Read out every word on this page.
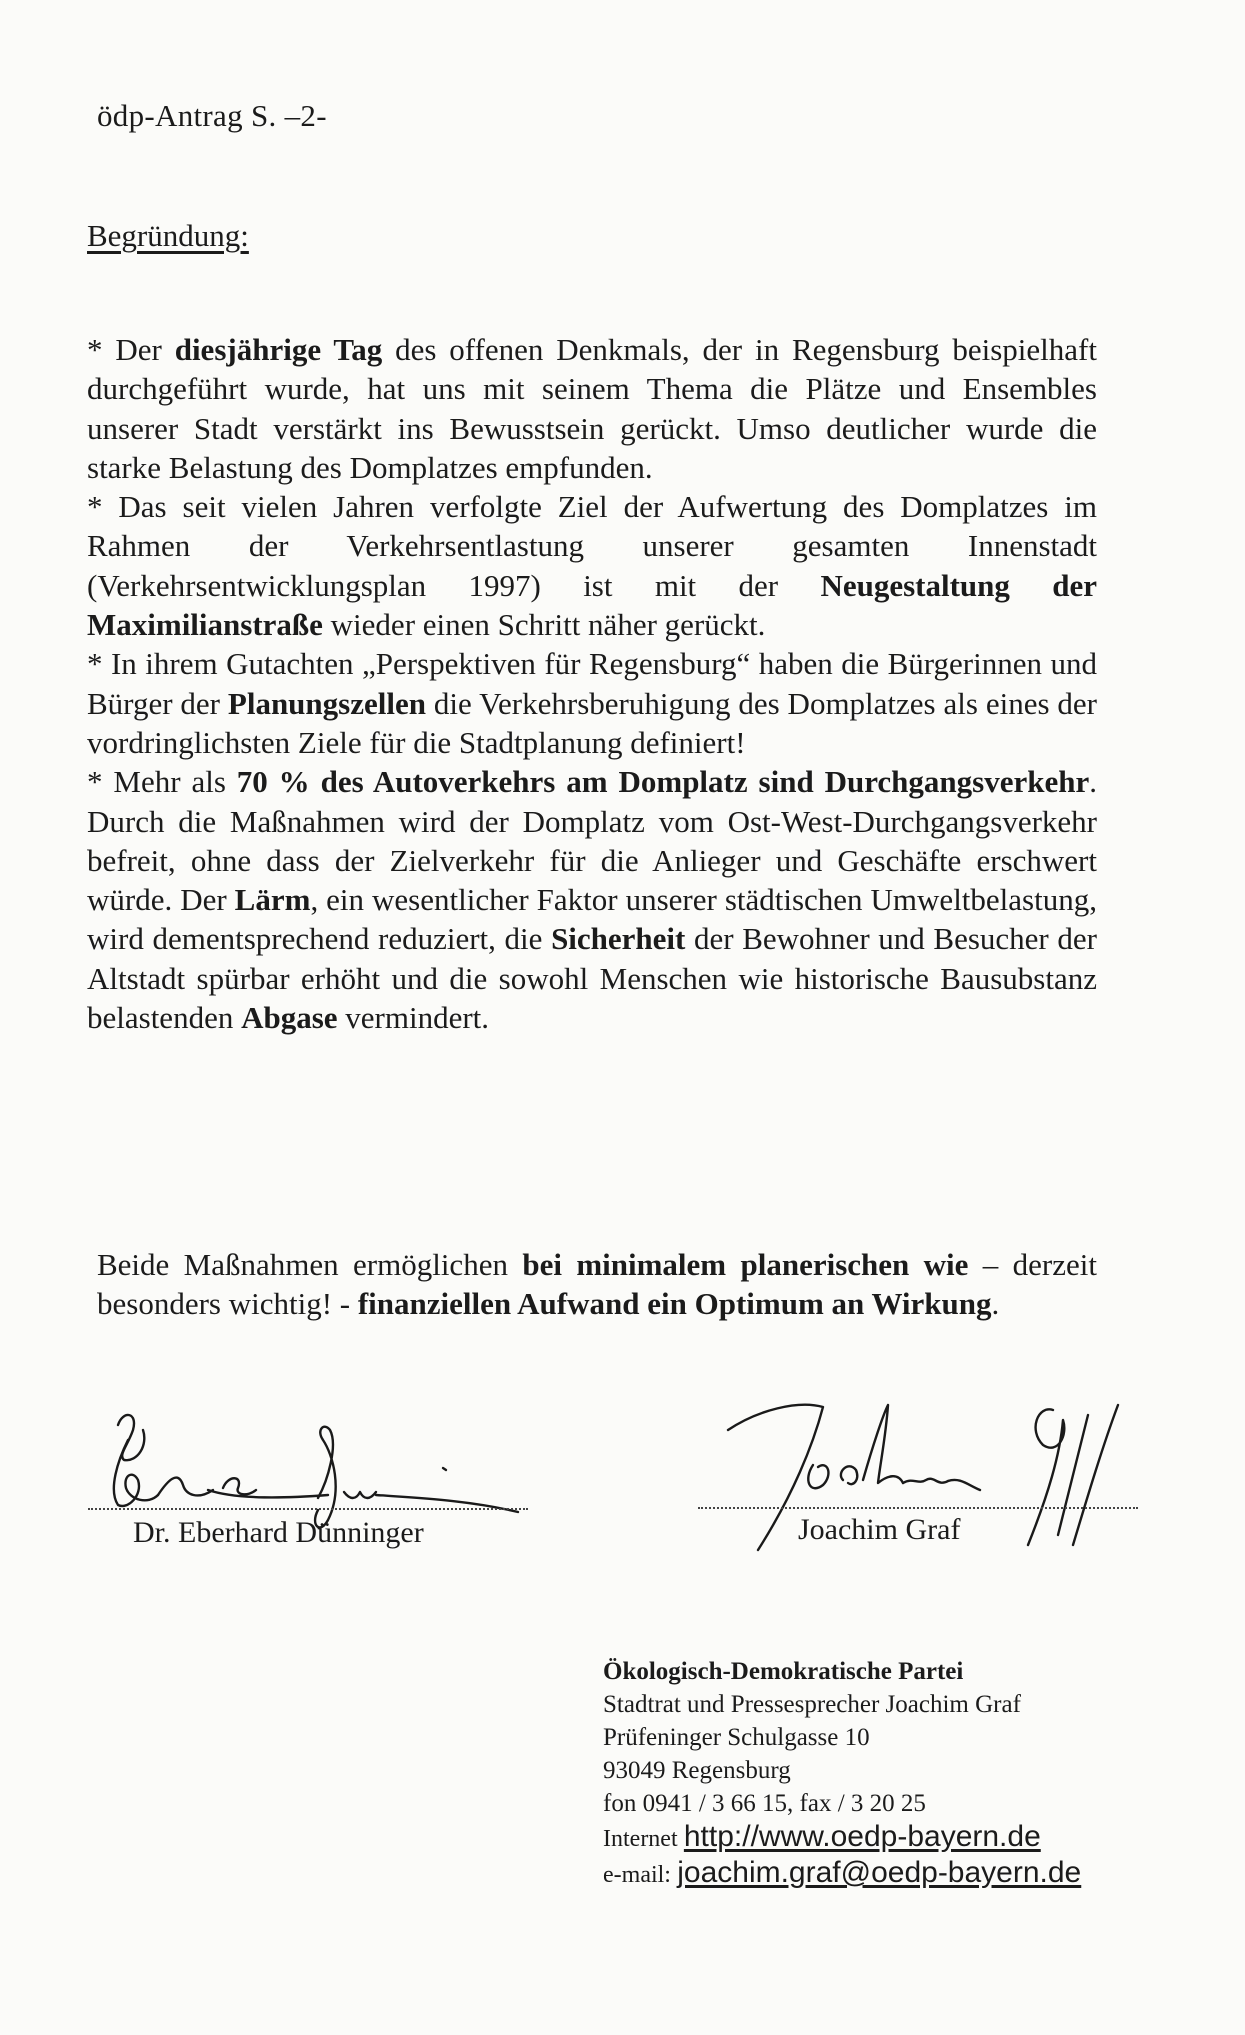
ödp-Antrag S. –2-
Begründung:

* Der diesjährige Tag des offenen Denkmals, der in Regensburg beispielhaft durchgeführt wurde, hat uns mit seinem Thema die Plätze und Ensembles unserer Stadt verstärkt ins Bewusstsein gerückt. Umso deutlicher wurde die starke Belastung des Domplatzes empfunden.

* Das seit vielen Jahren verfolgte Ziel der Aufwertung des Domplatzes im Rahmen der Verkehrsentlastung unserer gesamten Innenstadt (Verkehrsentwicklungsplan 1997) ist mit der Neugestaltung der Maximilianstraße wieder einen Schritt näher gerückt.

* In ihrem Gutachten „Perspektiven für Regensburg“ haben die Bürgerinnen und Bürger der Planungszellen die Verkehrsberuhigung des Domplatzes als eines der vordringlichsten Ziele für die Stadtplanung definiert!

* Mehr als 70 % des Autoverkehrs am Domplatz sind Durchgangsverkehr. Durch die Maßnahmen wird der Domplatz vom Ost-West-Durchgangsverkehr befreit, ohne dass der Zielverkehr für die Anlieger und Geschäfte erschwert würde. Der Lärm, ein wesentlicher Faktor unserer städtischen Umweltbelastung, wird dementsprechend reduziert, die Sicherheit der Bewohner und Besucher der Altstadt spürbar erhöht und die sowohl Menschen wie historische Bausubstanz belastenden Abgase vermindert.

Beide Maßnahmen ermöglichen bei minimalem planerischen wie – derzeit besonders wichtig! - finanziellen Aufwand ein Optimum an Wirkung.
Dr. Eberhard Dünninger	Joachim Graf
Ökologisch-Demokratische Partei
Stadtrat und Pressesprecher Joachim Graf
Prüfeninger Schulgasse 10
93049 Regensburg
fon 0941 / 3 66 15, fax / 3 20 25
Internet http://www.oedp-bayern.de
e-mail: joachim.graf@oedp-bayern.de
